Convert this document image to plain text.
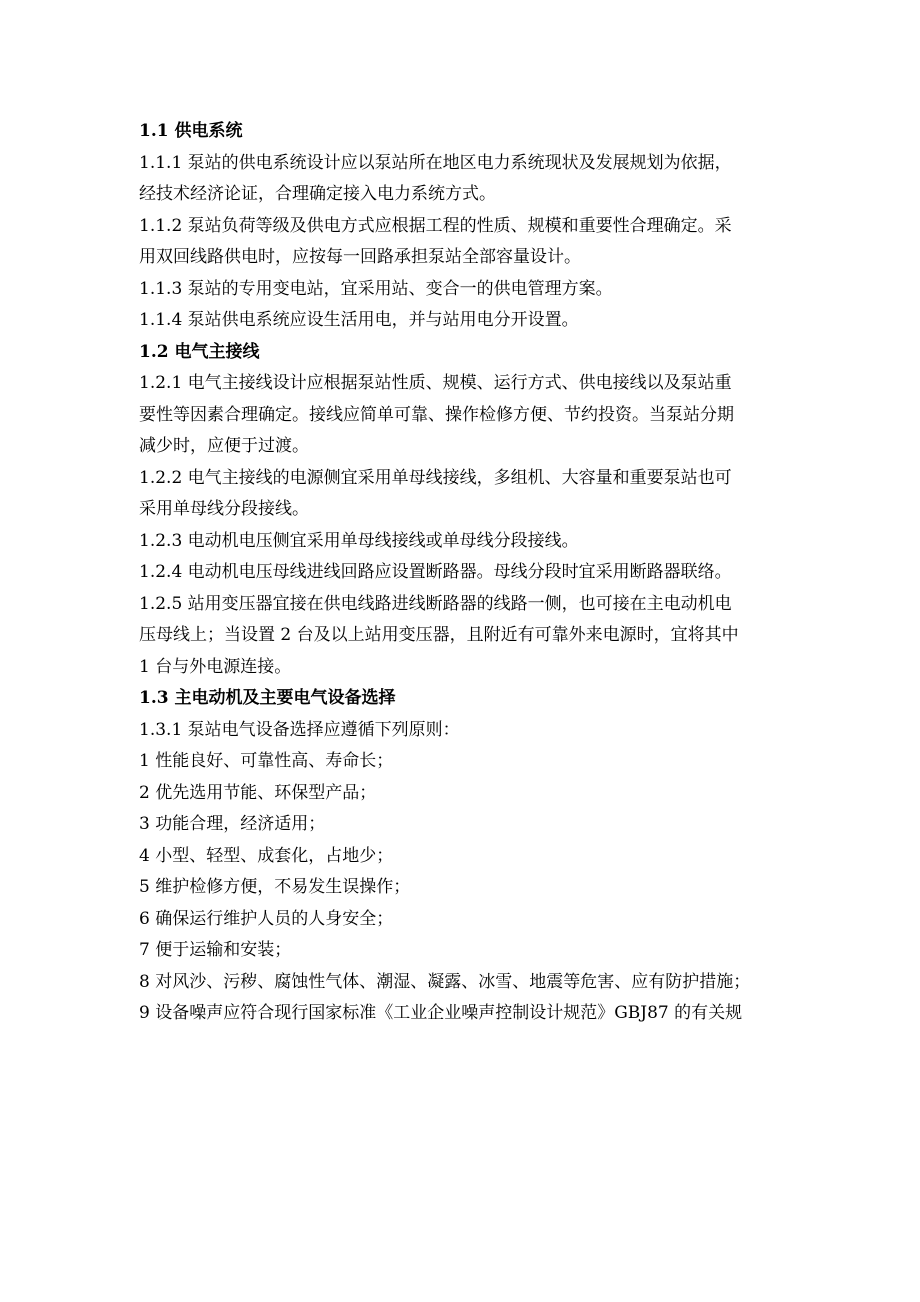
1.1 供电系统
1.1.1 泵站的供电系统设计应以泵站所在地区电力系统现状及发展规划为依据，
经技术经济论证，合理确定接入电力系统方式。
1.1.2 泵站负荷等级及供电方式应根据工程的性质、规模和重要性合理确定。采
用双回线路供电时，应按每一回路承担泵站全部容量设计。
1.1.3 泵站的专用变电站，宜采用站、变合一的供电管理方案。
1.1.4 泵站供电系统应设生活用电，并与站用电分开设置。
1.2 电气主接线
1.2.1 电气主接线设计应根据泵站性质、规模、运行方式、供电接线以及泵站重
要性等因素合理确定。接线应简单可靠、操作检修方便、节约投资。当泵站分期
减少时，应便于过渡。
1.2.2 电气主接线的电源侧宜采用单母线接线，多组机、大容量和重要泵站也可
采用单母线分段接线。
1.2.3 电动机电压侧宜采用单母线接线或单母线分段接线。
1.2.4 电动机电压母线进线回路应设置断路器。母线分段时宜采用断路器联络。
1.2.5 站用变压器宜接在供电线路进线断路器的线路一侧，也可接在主电动机电
压母线上；当设置 2 台及以上站用变压器，且附近有可靠外来电源时，宜将其中
1 台与外电源连接。
1.3 主电动机及主要电气设备选择
1.3.1 泵站电气设备选择应遵循下列原则：
1 性能良好、可靠性高、寿命长；
2 优先选用节能、环保型产品；
3 功能合理，经济适用；
4 小型、轻型、成套化，占地少；
5 维护检修方便，不易发生误操作；
6 确保运行维护人员的人身安全；
7 便于运输和安装；
8 对风沙、污秽、腐蚀性气体、潮湿、凝露、冰雪、地震等危害、应有防护措施；
9 设备噪声应符合现行国家标准《工业企业噪声控制设计规范》GBJ87 的有关规
